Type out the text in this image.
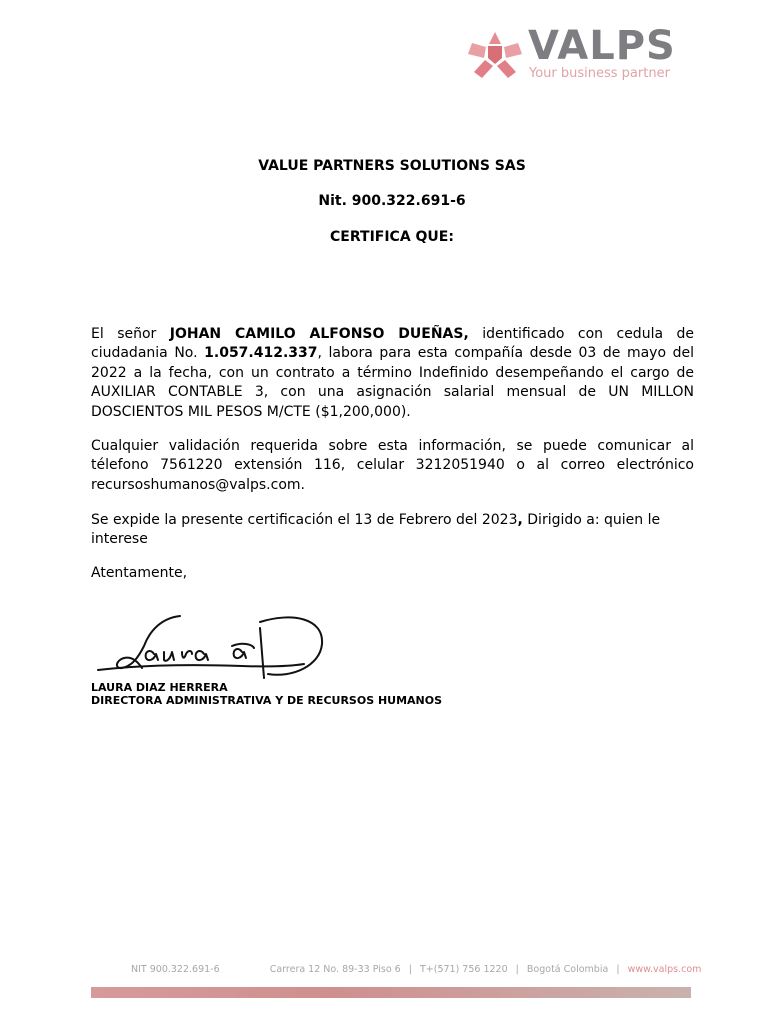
VALPS
Your business partner
VALUE PARTNERS SOLUTIONS SAS
Nit. 900.322.691-6
CERTIFICA QUE:

El señor JOHAN CAMILO ALFONSO DUEÑAS, identificado con cedula de ciudadania No. 1.057.412.337, labora para esta compañía desde 03 de mayo del 2022 a la fecha, con un contrato a término Indefinido desempeñando el cargo de AUXILIAR CONTABLE 3, con una asignación salarial mensual de UN MILLON DOSCIENTOS MIL PESOS M/CTE ($1,200,000).

Cualquier validación requerida sobre esta información, se puede comunicar al télefono 7561220 extensión 116, celular 3212051940 o al correo electrónico recursoshumanos@valps.com.

Se expide la presente certificación el 13 de Febrero del 2023, Dirigido a: quien le interese

Atentamente,

LAURA DIAZ HERRERA
DIRECTORA ADMINISTRATIVA Y DE RECURSOS HUMANOS
NIT 900.322.691-6	Carrera 12 No. 89-33 Piso 6 | T+(571) 756 1220 | Bogotá Colombia | www.valps.com
